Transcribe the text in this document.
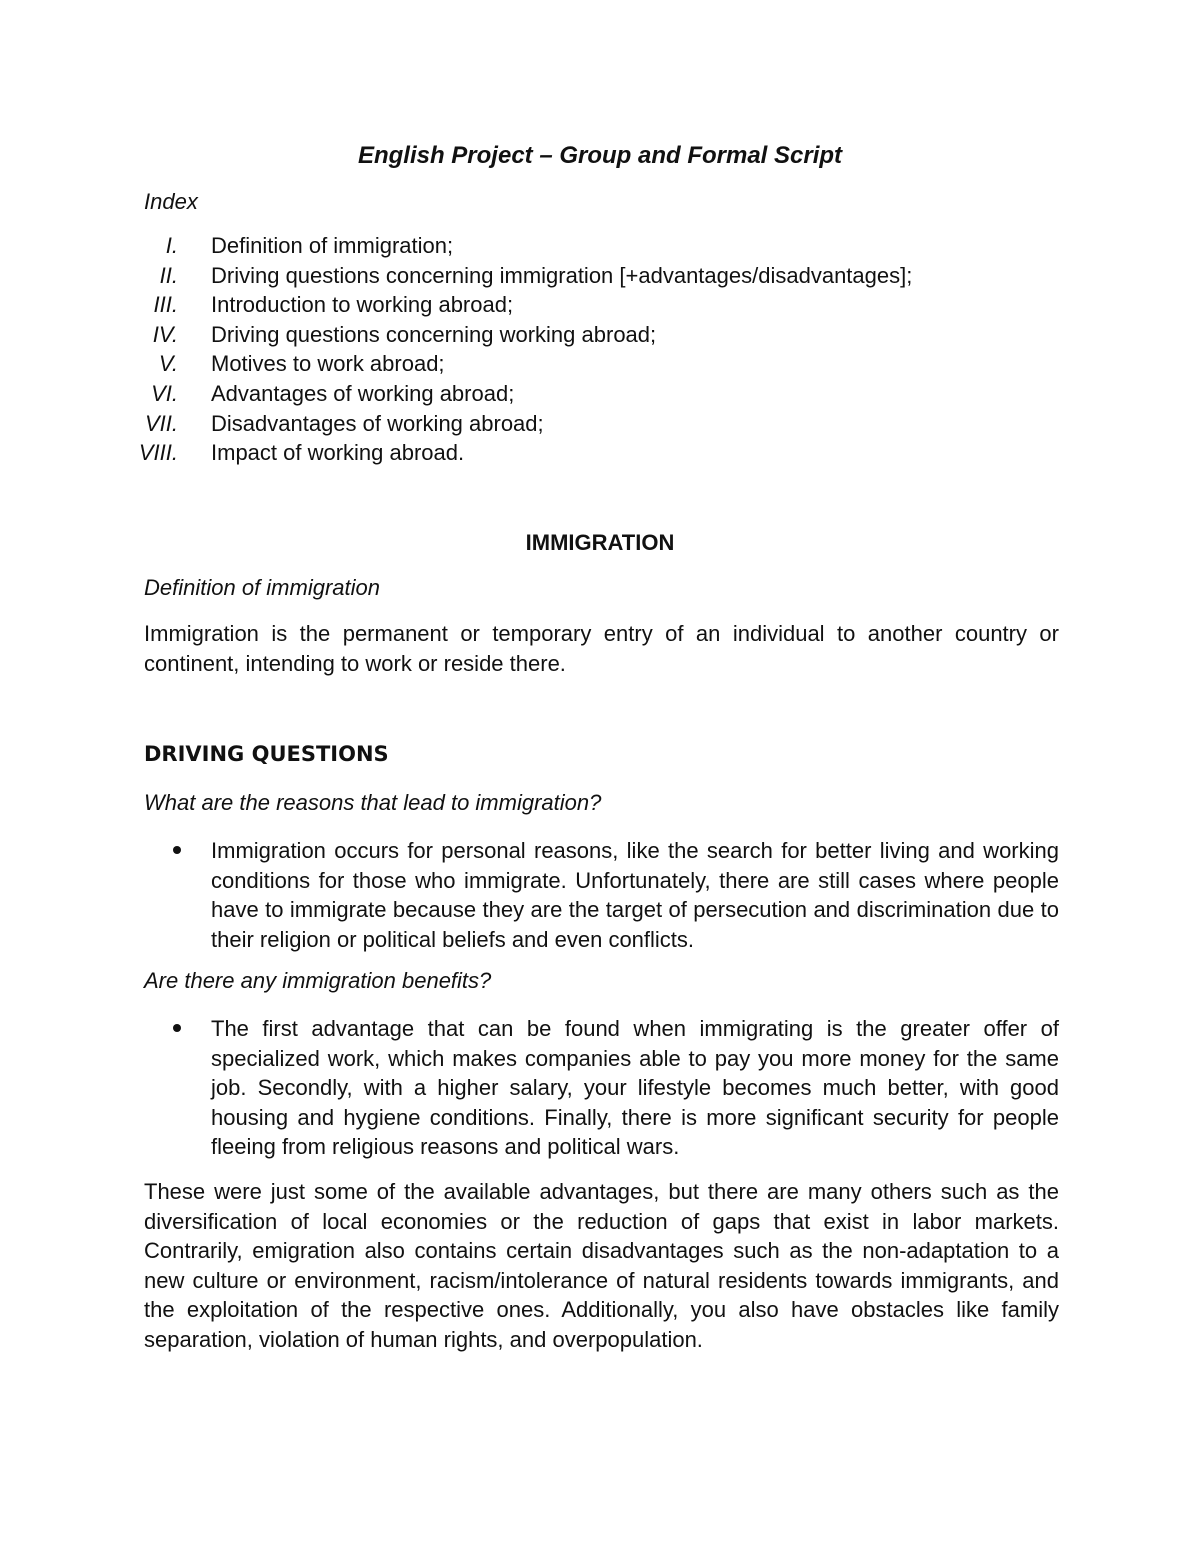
English Project – Group and Formal Script

Index

I. Definition of immigration;
II. Driving questions concerning immigration [+advantages/disadvantages];
III. Introduction to working abroad;
IV. Driving questions concerning working abroad;
V. Motives to work abroad;
VI. Advantages of working abroad;
VII. Disadvantages of working abroad;
VIII. Impact of working abroad.
IMMIGRATION

Definition of immigration

Immigration is the permanent or temporary entry of an individual to another country or continent, intending to work or reside there.

DRIVING QUESTIONS

What are the reasons that lead to immigration?

Immigration occurs for personal reasons, like the search for better living and working conditions for those who immigrate. Unfortunately, there are still cases where people have to immigrate because they are the target of persecution and discrimination due to their religion or political beliefs and even conflicts.

Are there any immigration benefits?

The first advantage that can be found when immigrating is the greater offer of specialized work, which makes companies able to pay you more money for the same job. Secondly, with a higher salary, your lifestyle becomes much better, with good housing and hygiene conditions. Finally, there is more significant security for people fleeing from religious reasons and political wars.

These were just some of the available advantages, but there are many others such as the diversification of local economies or the reduction of gaps that exist in labor markets. Contrarily, emigration also contains certain disadvantages such as the non-adaptation to a new culture or environment, racism/intolerance of natural residents towards immigrants, and the exploitation of the respective ones. Additionally, you also have obstacles like family separation, violation of human rights, and overpopulation.
